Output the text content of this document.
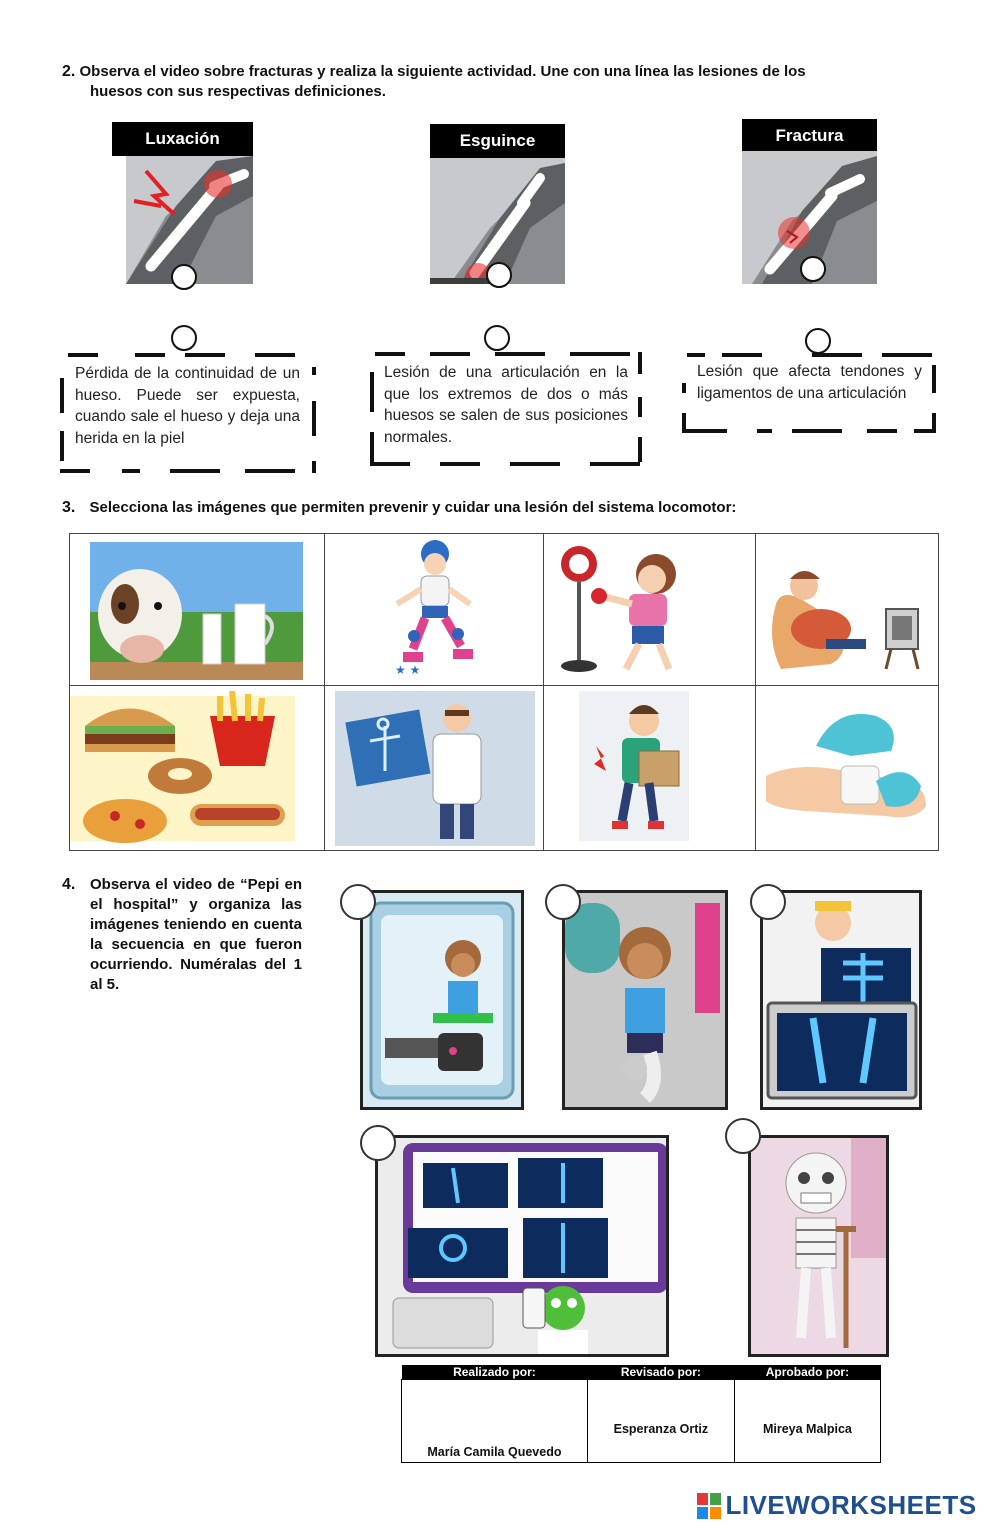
2. Observa el video sobre fracturas y realiza la siguiente actividad. Une con una línea las lesiones de los
huesos con sus respectivas definiciones.
Luxación	Esguince	Fractura
Pérdida de la continuidad de un hueso. Puede ser expuesta, cuando sale el hueso y deja una herida en la piel
Lesión de una articulación en la que los extremos de dos o más huesos se salen de sus posiciones normales.
Lesión que afecta tendones y ligamentos de una articulación
3. Selecciona las imágenes que permiten prevenir y cuidar una lesión del sistema locomotor:
★ ★
4. Observa el video de “Pepi en el hospital” y organiza las imágenes teniendo en cuenta la secuencia en que fueron ocurriendo. Numéralas del 1 al 5.
Realizado por:	Revisado por:	Aprobado por:
María Camila Quevedo	Esperanza Ortiz	Mireya Malpica
LIVEWORKSHEETS
